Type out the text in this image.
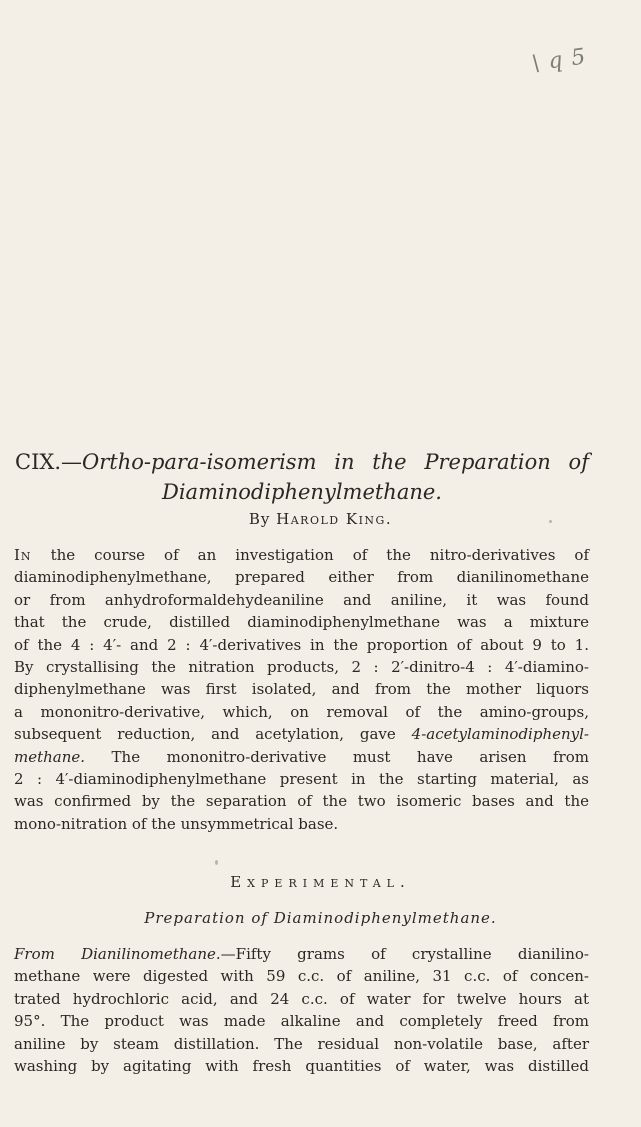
\ q 5
CIX.—Ortho-para-isomerism in the Preparation of
Diaminodiphenylmethane.
By Harold King.
In the course of an investigation of the nitro-derivatives of
diaminodiphenylmethane, prepared either from dianilinomethane
or from anhydroformaldehydeaniline and aniline, it was found
that the crude, distilled diaminodiphenylmethane was a mixture
of the 4 : 4′- and 2 : 4′-derivatives in the proportion of about 9 to 1.
By crystallising the nitration products, 2 : 2′-dinitro-4 : 4′-diamino-
diphenylmethane was first isolated, and from the mother liquors
a mononitro-derivative, which, on removal of the amino-groups,
subsequent reduction, and acetylation, gave 4-acetylaminodiphenyl-
methane. The mononitro-derivative must have arisen from
2 : 4′-diaminodiphenylmethane present in the starting material, as
was confirmed by the separation of the two isomeric bases and the
mono-nitration of the unsymmetrical base.
Experimental.
Preparation of Diaminodiphenylmethane.
From Dianilinomethane.—Fifty grams of crystalline dianilino-
methane were digested with 59 c.c. of aniline, 31 c.c. of concen-
trated hydrochloric acid, and 24 c.c. of water for twelve hours at
95°. The product was made alkaline and completely freed from
aniline by steam distillation. The residual non-volatile base, after
washing by agitating with fresh quantities of water, was distilled
